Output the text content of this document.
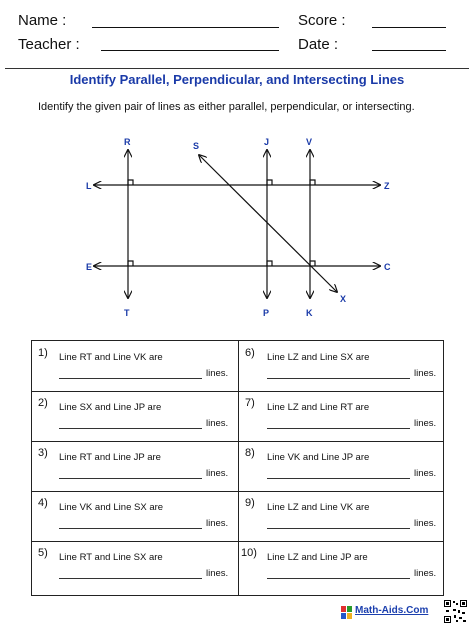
Name :	Score :
Teacher :	Date :
Identify Parallel, Perpendicular, and Intersecting Lines
Identify the given pair of lines as either parallel, perpendicular, or intersecting.
R
T
S
X
J
P
V
K
L	Z
E	C
1) Line RT and Line VK are
lines.
2) Line SX and Line JP are
lines.
3) Line RT and Line JP are
lines.
4) Line VK and Line SX are
lines.
5) Line RT and Line SX are
lines.
6) Line LZ and Line SX are
lines.
7) Line LZ and Line RT are
lines.
8) Line VK and Line JP are
lines.
9) Line LZ and Line VK are
lines.
10) Line LZ and Line JP are
lines.
Math-Aids.Com
